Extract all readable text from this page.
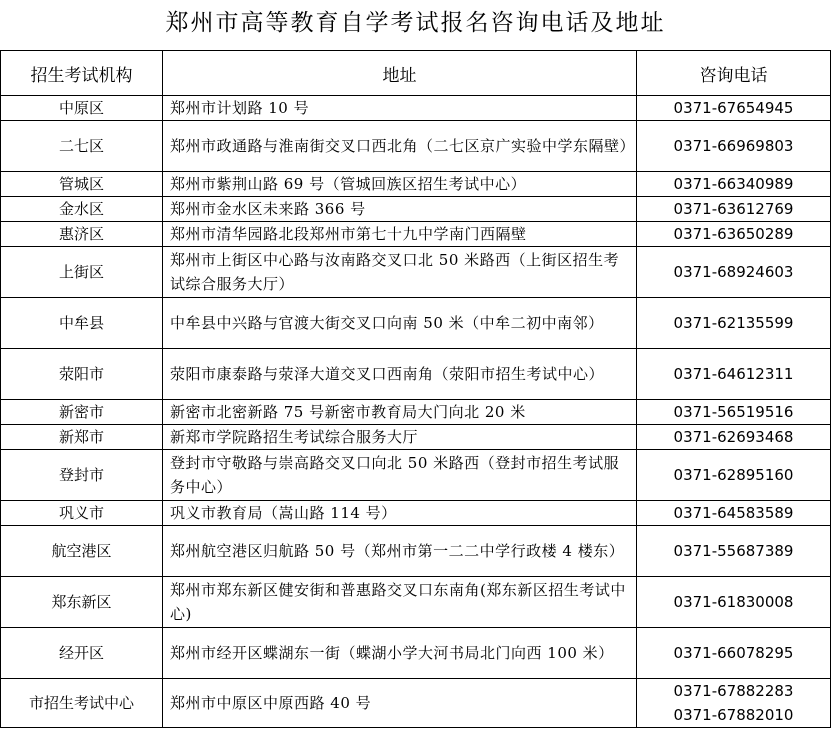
郑州市高等教育自学考试报名咨询电话及地址
招生考试机构	地址	咨询电话
中原区	郑州市计划路 10 号	0371-67654945

二七区	郑州市政通路与淮南街交叉口西北角（二七区京广实验中学东隔壁）	0371-66969803

管城区	郑州市紫荆山路 69 号（管城回族区招生考试中心）	0371-66340989

金水区	郑州市金水区未来路 366 号	0371-63612769

惠济区	郑州市清华园路北段郑州市第七十九中学南门西隔壁	0371-63650289

上街区	郑州市上街区中心路与汝南路交叉口北 50 米路西（上街区招生考试综合服务大厅）	0371-68924603

中牟县	中牟县中兴路与官渡大街交叉口向南 50 米（中牟二初中南邻）	0371-62135599

荥阳市	荥阳市康泰路与荥泽大道交叉口西南角（荥阳市招生考试中心）	0371-64612311

新密市	新密市北密新路 75 号新密市教育局大门向北 20 米	0371-56519516

新郑市	新郑市学院路招生考试综合服务大厅	0371-62693468

登封市	登封市守敬路与崇高路交叉口向北 50 米路西（登封市招生考试服务中心）	0371-62895160

巩义市	巩义市教育局（嵩山路 114 号）	0371-64583589

航空港区	郑州航空港区归航路 50 号（郑州市第一二二中学行政楼 4 楼东）	0371-55687389

郑东新区	郑州市郑东新区健安街和普惠路交叉口东南角(郑东新区招生考试中心)	0371-61830008

经开区	郑州市经开区蝶湖东一街（蝶湖小学大河书局北门向西 100 米）	0371-66078295

市招生考试中心	郑州市中原区中原西路 40 号	0371-67882283
0371-67882010
